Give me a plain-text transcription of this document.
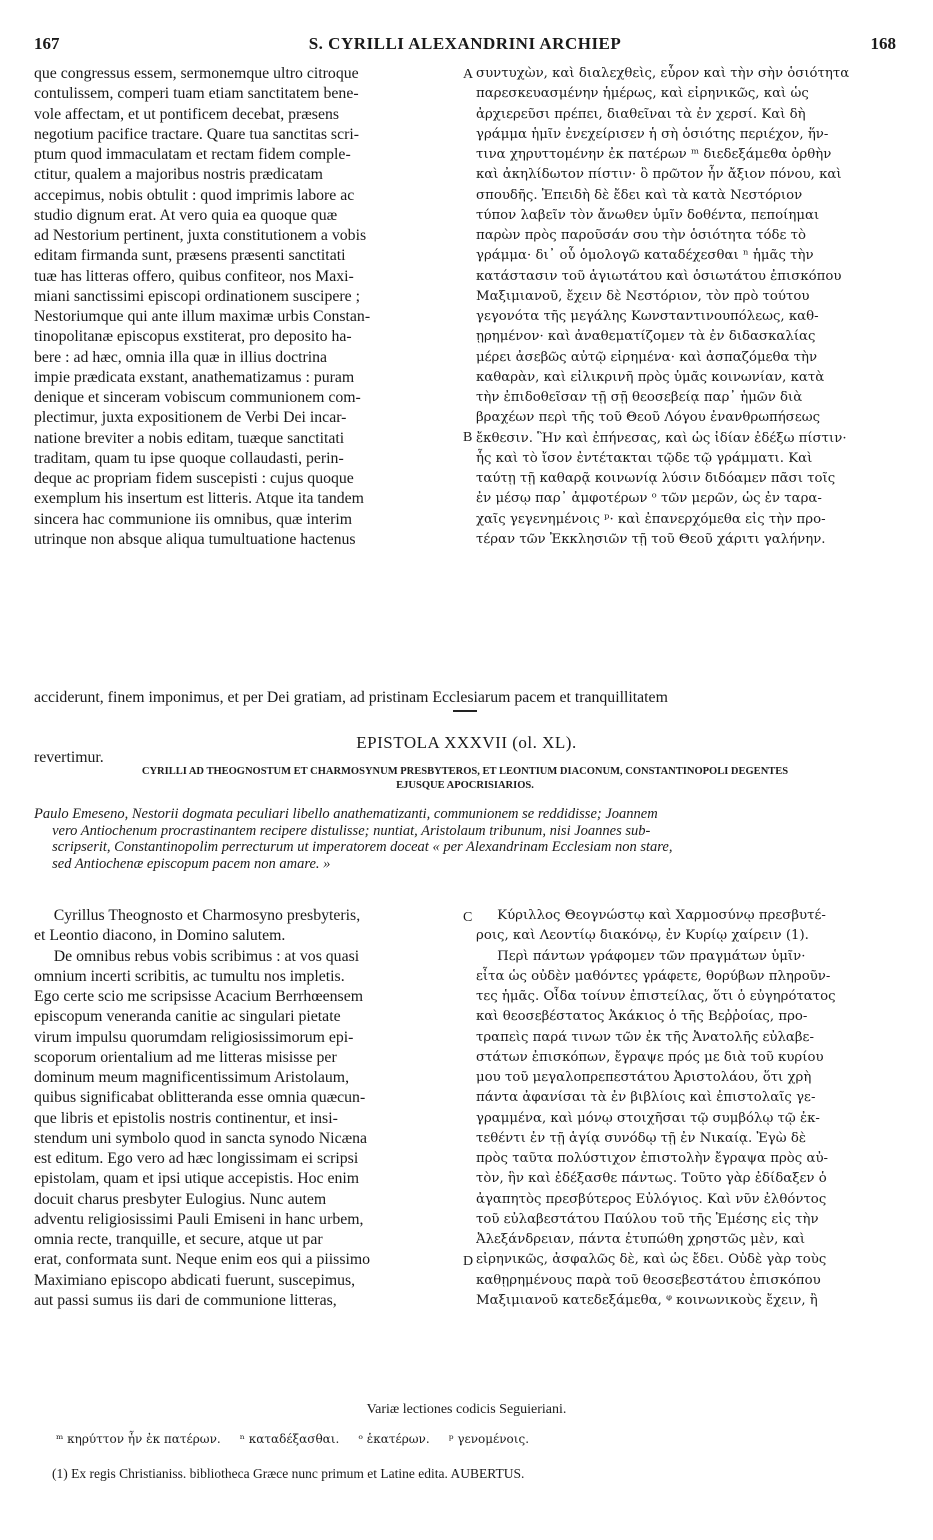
167	S. CYRILLI ALEXANDRINI ARCHIEP	168
que congressus essem, sermonemque ultro citroque
contulissem, comperi tuam etiam sanctitatem bene-
vole affectam, et ut pontificem decebat, præsens
negotium pacifice tractare. Quare tua sanctitas scri-
ptum quod immaculatam et rectam fidem comple-
ctitur, qualem a majoribus nostris prædicatam
accepimus, nobis obtulit : quod imprimis labore ac
studio dignum erat. At vero quia ea quoque quæ
ad Nestorium pertinent, juxta constitutionem a vobis
editam firmanda sunt, præsens præsenti sanctitati
tuæ has litteras offero, quibus confiteor, nos Maxi-
miani sanctissimi episcopi ordinationem suscipere ;
Nestoriumque qui ante illum maximæ urbis Constan-
tinopolitanæ episcopus exstiterat, pro deposito ha-
bere : ad hæc, omnia illa quæ in illius doctrina
impie prædicata exstant, anathematizamus : puram
denique et sinceram vobiscum communionem com-
plectimur, juxta expositionem de Verbi Dei incar-
natione breviter a nobis editam, tuæque sanctitati
traditam, quam tu ipse quoque collaudasti, perin-
deque ac propriam fidem suscepisti : cujus quoque
exemplum his insertum est litteris. Atque ita tandem
sincera hac communione iis omnibus, quæ interim
utrinque non absque aliqua tumultuatione hactenus
A
B
συντυχὼν, καὶ διαλεχθεὶς, εὗρον καὶ τὴν σὴν ὁσιότητα
παρεσκευασμένην ἡμέρως, καὶ εἰρηνικῶς, καὶ ὡς
ἀρχιερεῦσι πρέπει, διαθεῖναι τὰ ἐν χερσί. Καὶ δὴ
γράμμα ἡμῖν ἐνεχείρισεν ἡ σὴ ὁσιότης περιέχον, ἥν-
τινα χηρυττομένην ἐκ πατέρων ᵐ διεδεξάμεθα ὀρθὴν
καὶ ἀκηλίδωτον πίστιν· ὃ πρῶτον ἦν ἄξιον πόνου, καὶ
σπουδῆς. Ἐπειδὴ δὲ ἔδει καὶ τὰ κατὰ Νεστόριον
τύπον λαβεῖν τὸν ἄνωθεν ὑμῖν δοθέντα, πεποίημαι
παρὼν πρὸς παροῦσάν σου τὴν ὁσιότητα τόδε τὸ
γράμμα· δι᾽ οὗ ὁμολογῶ καταδέχεσθαι ⁿ ἡμᾶς τὴν
κατάστασιν τοῦ ἁγιωτάτου καὶ ὁσιωτάτου ἐπισκόπου
Μαξιμιανοῦ, ἔχειν δὲ Νεστόριον, τὸν πρὸ τούτου
γεγονότα τῆς μεγάλης Κωνσταντινουπόλεως, καθ-
ῃρημένον· καὶ ἀναθεματίζομεν τὰ ἐν διδασκαλίας
μέρει ἀσεβῶς αὐτῷ εἰρημένα· καὶ ἀσπαζόμεθα τὴν
καθαρὰν, καὶ εἰλικρινῆ πρὸς ὑμᾶς κοινωνίαν, κατὰ
τὴν ἐπιδοθεῖσαν τῇ σῇ θεοσεβείᾳ παρ᾽ ἡμῶν διὰ
βραχέων περὶ τῆς τοῦ Θεοῦ Λόγου ἐνανθρωπήσεως
ἔκθεσιν. Ἣν καὶ ἐπήνεσας, καὶ ὡς ἰδίαν ἐδέξω πίστιν·
ἧς καὶ τὸ ἴσον ἐντέτακται τῷδε τῷ γράμματι. Καὶ
ταύτῃ τῇ καθαρᾷ κοινωνίᾳ λύσιν διδόαμεν πᾶσι τοῖς
ἐν μέσῳ παρ᾽ ἀμφοτέρων ᵒ τῶν μερῶν, ὡς ἐν ταρα-
χαῖς γεγενημένοις ᵖ· καὶ ἐπανερχόμεθα εἰς τὴν προ-
τέραν τῶν Ἐκκλησιῶν τῇ τοῦ Θεοῦ χάριτι γαλήνην.

acciderunt, finem imponimus, et per Dei gratiam, ad pristinam Ecclesiarum pacem et tranquillitatem

revertimur.

EPISTOLA XXXVII (ol. XL).
CYRILLI AD THEOGNOSTUM ET CHARMOSYNUM PRESBYTEROS, ET LEONTIUM DIACONUM, CONSTANTINOPOLI DEGENTES
EJUSQUE APOCRISIARIOS.
Paulo Emeseno, Nestorii dogmata peculiari libello anathematizanti, communionem se reddidisse; Joannem
vero Antiochenum procrastinantem recipere distulisse; nuntiat, Aristolaum tribunum, nisi Joannes sub-
scripserit, Constantinopolim perrecturum ut imperatorem doceat « per Alexandrinam Ecclesiam non stare,
sed Antiochenæ episcopum pacem non amare. »
Cyrillus Theognosto et Charmosyno presbyteris,
et Leontio diacono, in Domino salutem.
De omnibus rebus vobis scribimus : at vos quasi
omnium incerti scribitis, ac tumultu nos impletis.
Ego certe scio me scripsisse Acacium Berrhœensem
episcopum veneranda canitie ac singulari pietate
virum impulsu quorumdam religiosissimorum epi-
scoporum orientalium ad me litteras misisse per
dominum meum magnificentissimum Aristolaum,
quibus significabat oblitteranda esse omnia quæcun-
que libris et epistolis nostris continentur, et insi-
stendum uni symbolo quod in sancta synodo Nicæna
est editum. Ego vero ad hæc longissimam ei scripsi
epistolam, quam et ipsi utique accepistis. Hoc enim
docuit charus presbyter Eulogius. Nunc autem
adventu religiosissimi Pauli Emiseni in hanc urbem,
omnia recte, tranquille, et secure, atque ut par
erat, conformata sunt. Neque enim eos qui a piissimo
Maximiano episcopo abdicati fuerunt, suscepimus,
aut passi sumus iis dari de communione litteras,
C
D
Κύριλλος Θεογνώστῳ καὶ Χαρμοσύνῳ πρεσβυτέ-
ροις, καὶ Λεοντίῳ διακόνῳ, ἐν Κυρίῳ χαίρειν (1).
Περὶ πάντων γράφομεν τῶν πραγμάτων ὑμῖν·
εἶτα ὡς οὐδὲν μαθόντες γράφετε, θορύβων πληροῦν-
τες ἡμᾶς. Οἶδα τοίνυν ἐπιστείλας, ὅτι ὁ εὐγηρότατος
καὶ θεοσεβέστατος Ἀκάκιος ὁ τῆς Βεῤῥοίας, προ-
τραπεὶς παρά τινων τῶν ἐκ τῆς Ἀνατολῆς εὐλαβε-
στάτων ἐπισκόπων, ἔγραψε πρός με διὰ τοῦ κυρίου
μου τοῦ μεγαλοπρεπεστάτου Ἀριστολάου, ὅτι χρὴ
πάντα ἀφανίσαι τὰ ἐν βιβλίοις καὶ ἐπιστολαῖς γε-
γραμμένα, καὶ μόνῳ στοιχῆσαι τῷ συμβόλῳ τῷ ἐκ-
τεθέντι ἐν τῇ ἁγίᾳ συνόδῳ τῇ ἐν Νικαίᾳ. Ἐγὼ δὲ
πρὸς ταῦτα πολύστιχον ἐπιστολὴν ἔγραψα πρὸς αὐ-
τὸν, ἣν καὶ ἐδέξασθε πάντως. Τοῦτο γὰρ ἐδίδαξεν ὁ
ἀγαπητὸς πρεσβύτερος Εὐλόγιος. Καὶ νῦν ἐλθόντος
τοῦ εὐλαβεστάτου Παύλου τοῦ τῆς Ἐμέσης εἰς τὴν
Ἀλεξάνδρειαν, πάντα ἐτυπώθη χρηστῶς μὲν, καὶ
εἰρηνικῶς, ἀσφαλῶς δὲ, καὶ ὡς ἔδει. Οὐδὲ γὰρ τοὺς
καθῃρημένους παρὰ τοῦ θεοσεβεστάτου ἐπισκόπου
Μαξιμιανοῦ κατεδεξάμεθα, ᵠ κοινωνικοὺς ἔχειν, ἢ
Variæ lectiones codicis Seguieriani.
ᵐ κηρύττον ἦν ἐκ πατέρων.     ⁿ καταδέξασθαι.     ᵒ ἑκατέρων.     ᵖ γενομένοις.
(1) Ex regis Christianiss. bibliotheca Græce nunc primum et Latine edita. AUBERTUS.
